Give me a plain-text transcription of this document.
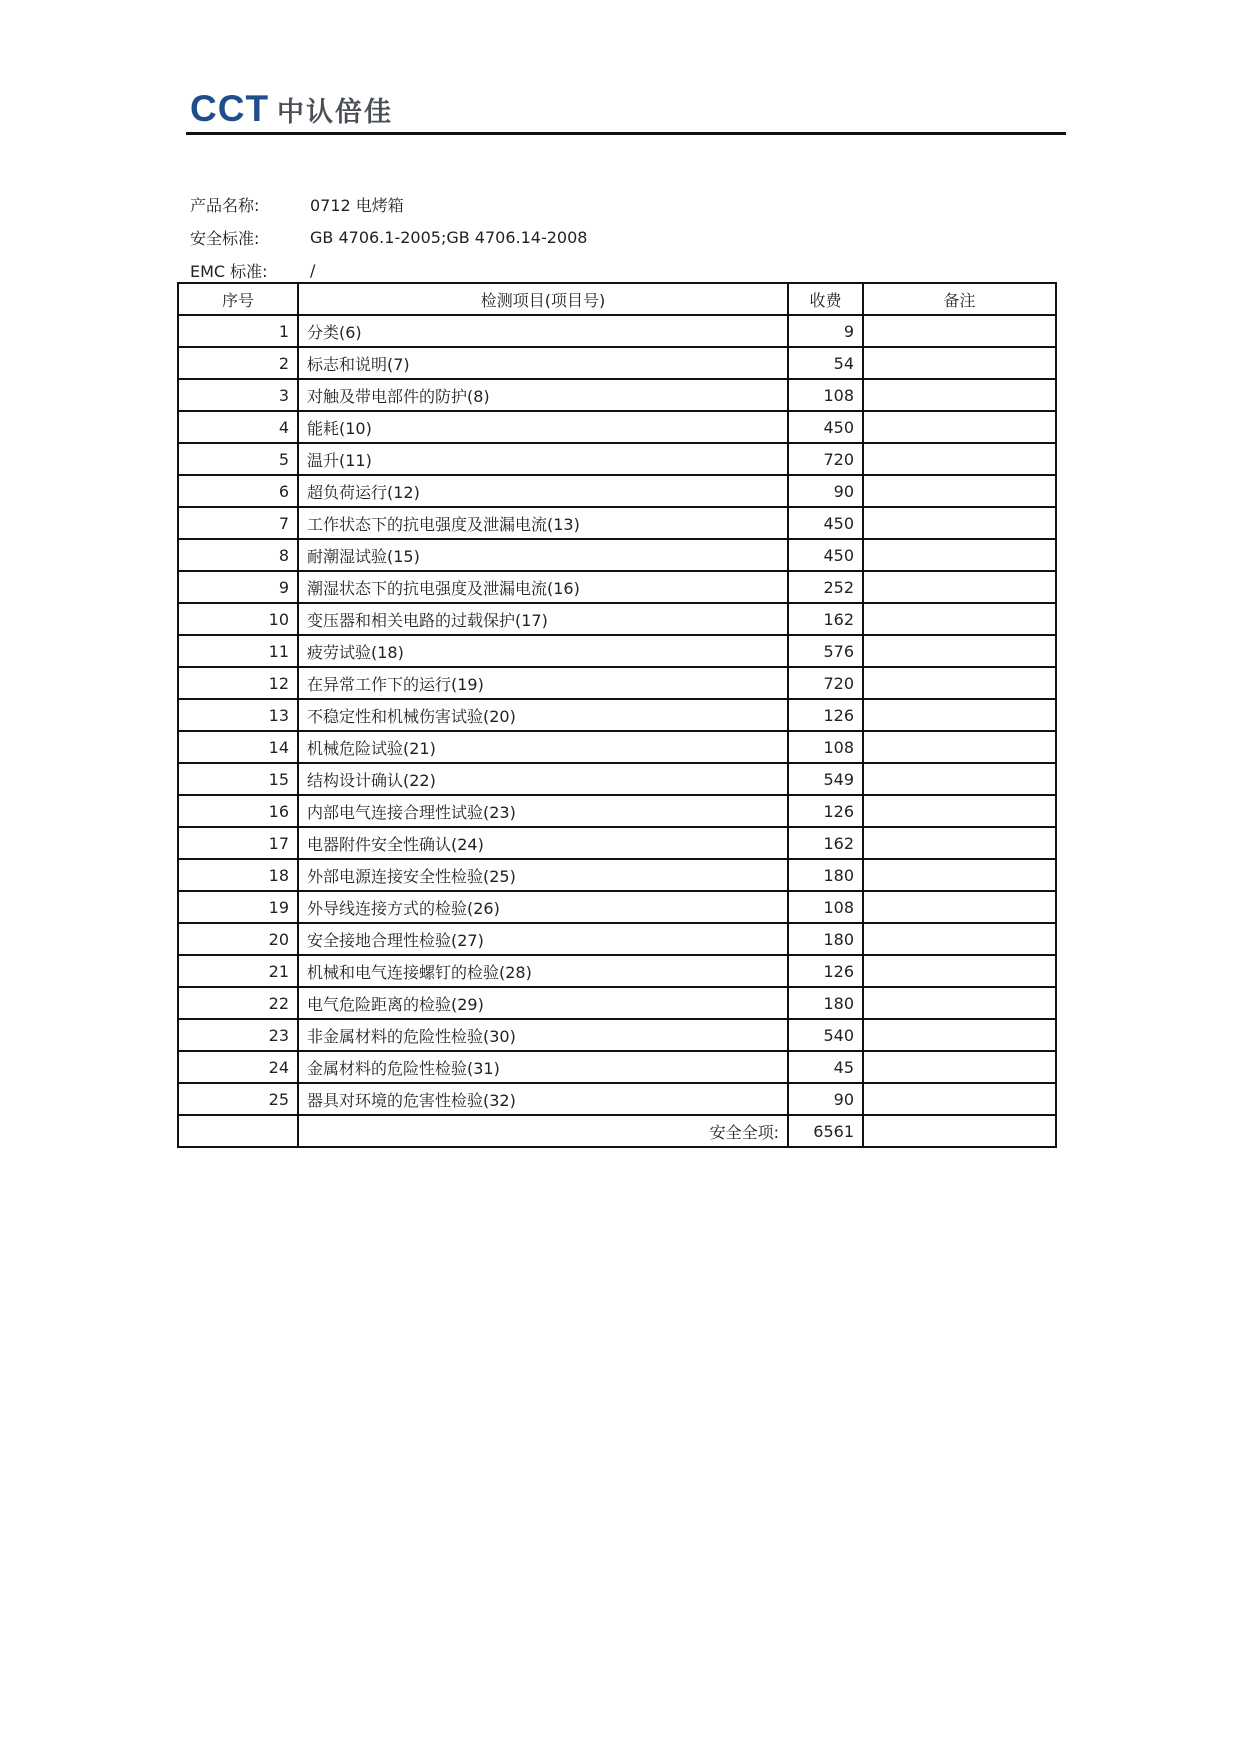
CCT 中认倍佳
产品名称:	0712 电烤箱
安全标准:	GB 4706.1-2005;GB 4706.14-2008
EMC 标准:	/
序号	检测项目(项目号)	收费	备注
1	分类(6)	9	
2	标志和说明(7)	54	
3	对触及带电部件的防护(8)	108	
4	能耗(10)	450	
5	温升(11)	720	
6	超负荷运行(12)	90	
7	工作状态下的抗电强度及泄漏电流(13)	450	
8	耐潮湿试验(15)	450	
9	潮湿状态下的抗电强度及泄漏电流(16)	252	
10	变压器和相关电路的过载保护(17)	162	
11	疲劳试验(18)	576	
12	在异常工作下的运行(19)	720	
13	不稳定性和机械伤害试验(20)	126	
14	机械危险试验(21)	108	
15	结构设计确认(22)	549	
16	内部电气连接合理性试验(23)	126	
17	电器附件安全性确认(24)	162	
18	外部电源连接安全性检验(25)	180	
19	外导线连接方式的检验(26)	108	
20	安全接地合理性检验(27)	180	
21	机械和电气连接螺钉的检验(28)	126	
22	电气危险距离的检验(29)	180	
23	非金属材料的危险性检验(30)	540	
24	金属材料的危险性检验(31)	45	
25	器具对环境的危害性检验(32)	90	
	安全全项:	6561	
